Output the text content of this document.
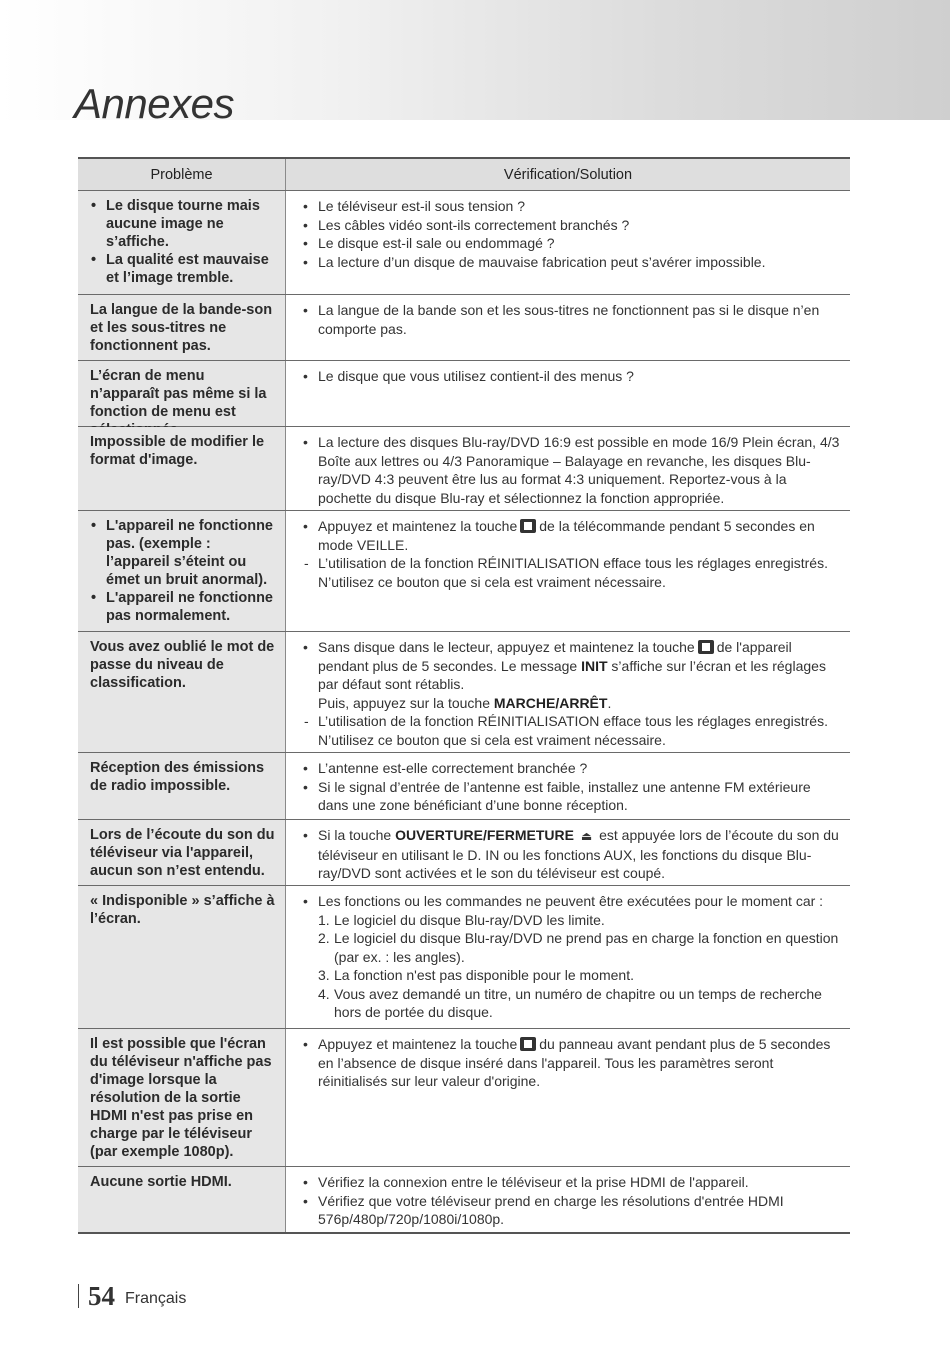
Annexes
Problème	Vérification/Solution
• Le disque tourne mais aucune image ne s’affiche.
• La qualité est mauvaise et l’image tremble.
• Le téléviseur est-il sous tension ?
• Les câbles vidéo sont-ils correctement branchés ?
• Le disque est-il sale ou endommagé ?
• La lecture d’un disque de mauvaise fabrication peut s’avérer impossible.
La langue de la bande-son et les sous-titres ne fonctionnent pas.
• La langue de la bande son et les sous-titres ne fonctionnent pas si le disque n’en comporte pas.
L’écran de menu n’apparaît pas même si la fonction de menu est
• Le disque que vous utilisez contient-il des menus ?
Impossible de modifier le format d'image.
• La lecture des disques Blu-ray/DVD 16:9 est possible en mode 16/9 Plein écran, 4/3 Boîte aux lettres ou 4/3 Panoramique – Balayage en revanche, les disques Blu-ray/DVD 4:3 peuvent être lus au format 4:3 uniquement. Reportez-vous à la pochette du disque Blu-ray et sélectionnez la fonction appropriée.
• L'appareil ne fonctionne pas. (exemple : l’appareil s’éteint ou émet un bruit anormal).
• L'appareil ne fonctionne pas normalement.
• Appuyez et maintenez la touche de la télécommande pendant 5 secondes en mode VEILLE.
- L’utilisation de la fonction RÉINITIALISATION efface tous les réglages enregistrés. N’utilisez ce bouton que si cela est vraiment nécessaire.
Vous avez oublié le mot de passe du niveau de classification.
• Sans disque dans le lecteur, appuyez et maintenez la touche de l'appareil pendant plus de 5 secondes. Le message INIT s’affiche sur l’écran et les réglages par défaut sont rétablis.
Puis, appuyez sur la touche MARCHE/ARRÊT.
- L’utilisation de la fonction RÉINITIALISATION efface tous les réglages enregistrés. N’utilisez ce bouton que si cela est vraiment nécessaire.
Réception des émissions de radio impossible.
• L’antenne est-elle correctement branchée ?
• Si le signal d’entrée de l’antenne est faible, installez une antenne FM extérieure dans une zone bénéficiant d’une bonne réception.
Lors de l’écoute du son du téléviseur via l'appareil, aucun son n’est entendu.
• Si la touche OUVERTURE/FERMETURE ⏏ est appuyée lors de l’écoute du son du téléviseur en utilisant le D. IN ou les fonctions AUX, les fonctions du disque Blu-ray/DVD sont activées et le son du téléviseur est coupé.
« Indisponible » s’affiche à l’écran.
• Les fonctions ou les commandes ne peuvent être exécutées pour le moment car :
1. Le logiciel du disque Blu-ray/DVD les limite.
2. Le logiciel du disque Blu-ray/DVD ne prend pas en charge la fonction en question (par ex. : les angles).
3. La fonction n'est pas disponible pour le moment.
4. Vous avez demandé un titre, un numéro de chapitre ou un temps de recherche hors de portée du disque.
Il est possible que l'écran du téléviseur n'affiche pas d'image lorsque la résolution de la sortie HDMI n'est pas prise en charge par le téléviseur (par exemple 1080p).
• Appuyez et maintenez la touche du panneau avant pendant plus de 5 secondes en l’absence de disque inséré dans l'appareil. Tous les paramètres seront réinitialisés sur leur valeur d'origine.
Aucune sortie HDMI.
•	Vérifiez la connexion entre le téléviseur et la prise HDMI de l'appareil.
• Vérifiez que votre téléviseur prend en charge les résolutions d'entrée HDMI 576p/480p/720p/1080i/1080p.
54 Français
